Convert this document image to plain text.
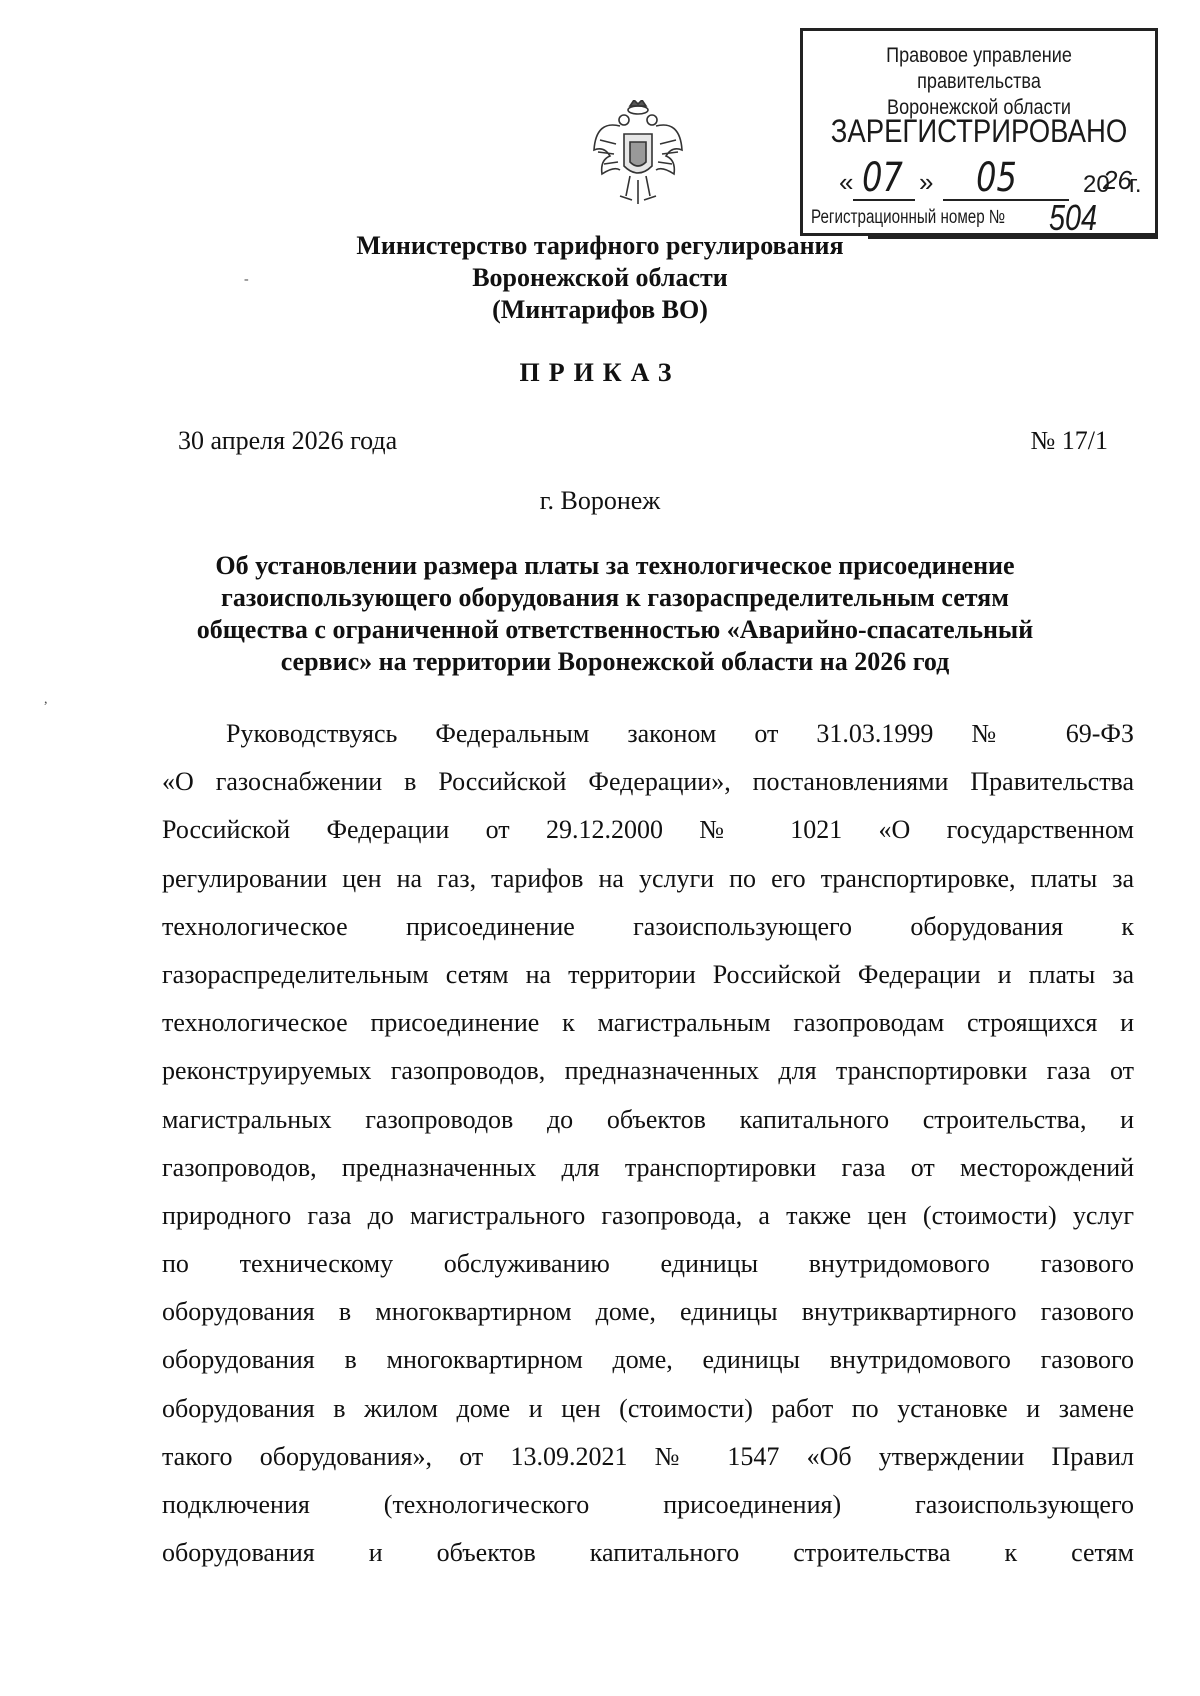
Правовое управление правительства
Воронежской области
ЗАРЕГИСТРИРОВАНО
« 07 » 05	20
26
г.
Регистрационный номер № 504
Министерство тарифного регулирования
Воронежской области
(Минтарифов ВО)
ПРИКАЗ
30 апреля 2026 года	№ 17/1
г. Воронеж
Об установлении размера платы за технологическое присоединение
газоиспользующего оборудования к газораспределительным сетям
общества с ограниченной ответственностью «Аварийно-спасательный
сервис» на территории Воронежской области на 2026 год
,
-
Руководствуясь Федеральным законом от 31.03.1999 № 69-ФЗ
«О газоснабжении в Российской Федерации», постановлениями Правительства
Российской Федерации от 29.12.2000 № 1021 «О государственном
регулировании цен на газ, тарифов на услуги по его транспортировке, платы за
технологическое присоединение газоиспользующего оборудования к
газораспределительным сетям на территории Российской Федерации и платы за
технологическое присоединение к магистральным газопроводам строящихся и
реконструируемых газопроводов, предназначенных для транспортировки газа от
магистральных газопроводов до объектов капитального строительства, и
газопроводов, предназначенных для транспортировки газа от месторождений
природного газа до магистрального газопровода, а также цен (стоимости) услуг
по техническому обслуживанию единицы внутридомового газового
оборудования в многоквартирном доме, единицы внутриквартирного газового
оборудования в многоквартирном доме, единицы внутридомового газового
оборудования в жилом доме и цен (стоимости) работ по установке и замене
такого оборудования», от 13.09.2021 № 1547 «Об утверждении Правил
подключения (технологического присоединения) газоиспользующего
оборудования и объектов капитального строительства к сетям
